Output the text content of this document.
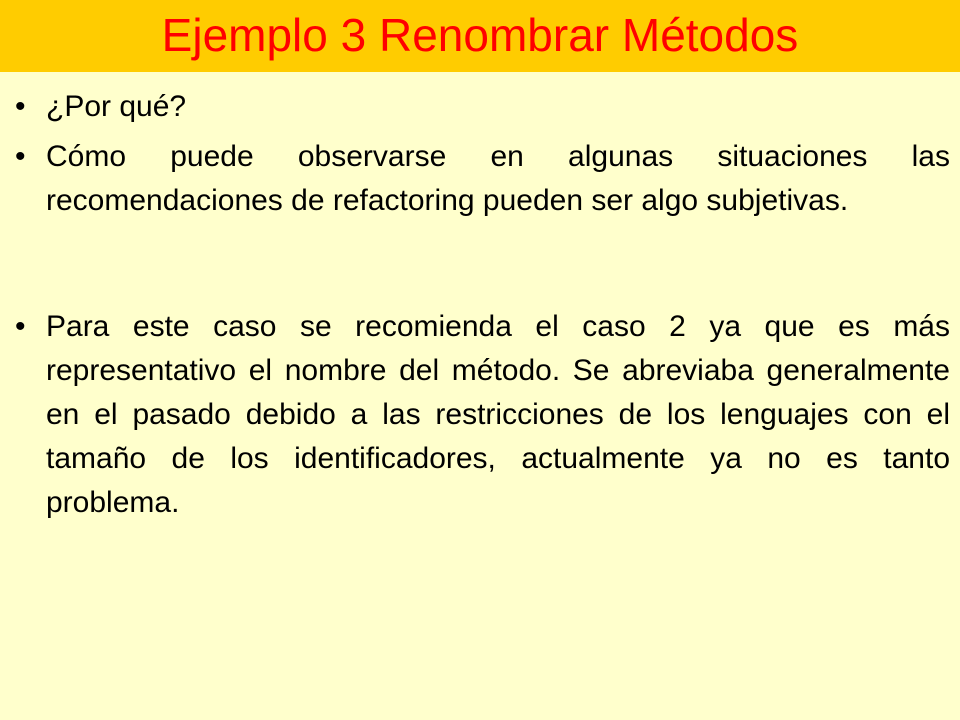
Ejemplo 3 Renombrar Métodos
• ¿Por qué?
• Cómo puede observarse en algunas situaciones las recomendaciones de refactoring pueden ser algo subjetivas.
• Para este caso se recomienda el caso 2 ya que es más representativo el nombre del método. Se abreviaba generalmente en el pasado debido a las restricciones de los lenguajes con el tamaño de los identificadores, actualmente ya no es tanto problema.
